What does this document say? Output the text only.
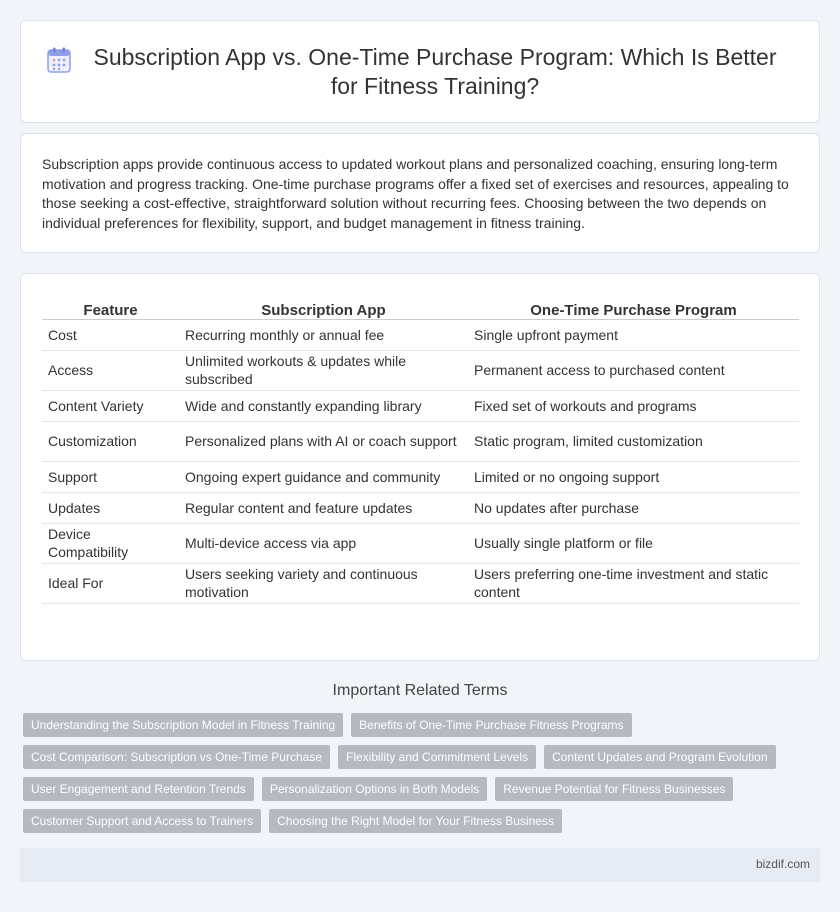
Subscription App vs. One-Time Purchase Program: Which Is Better for Fitness Training?

Subscription apps provide continuous access to updated workout plans and personalized coaching, ensuring long-term motivation and progress tracking. One-time purchase programs offer a fixed set of exercises and resources, appealing to those seeking a cost-effective, straightforward solution without recurring fees. Choosing between the two depends on individual preferences for flexibility, support, and budget management in fitness training.

Feature	Subscription App	One-Time Purchase Program
Cost	Recurring monthly or annual fee	Single upfront payment
Access	Unlimited workouts & updates while subscribed	Permanent access to purchased content
Content Variety	Wide and constantly expanding library	Fixed set of workouts and programs
Customization	Personalized plans with AI or coach support	Static program, limited customization
Support	Ongoing expert guidance and community	Limited or no ongoing support
Updates	Regular content and feature updates	No updates after purchase
Device Compatibility	Multi-device access via app	Usually single platform or file
Ideal For	Users seeking variety and continuous motivation	Users preferring one-time investment and static content
Important Related Terms
Understanding the Subscription Model in Fitness Training	Benefits of One-Time Purchase Fitness Programs
Cost Comparison: Subscription vs One-Time Purchase	Flexibility and Commitment Levels	Content Updates and Program Evolution
User Engagement and Retention Trends	Personalization Options in Both Models	Revenue Potential for Fitness Businesses
Customer Support and Access to Trainers	Choosing the Right Model for Your Fitness Business
bizdif.com
